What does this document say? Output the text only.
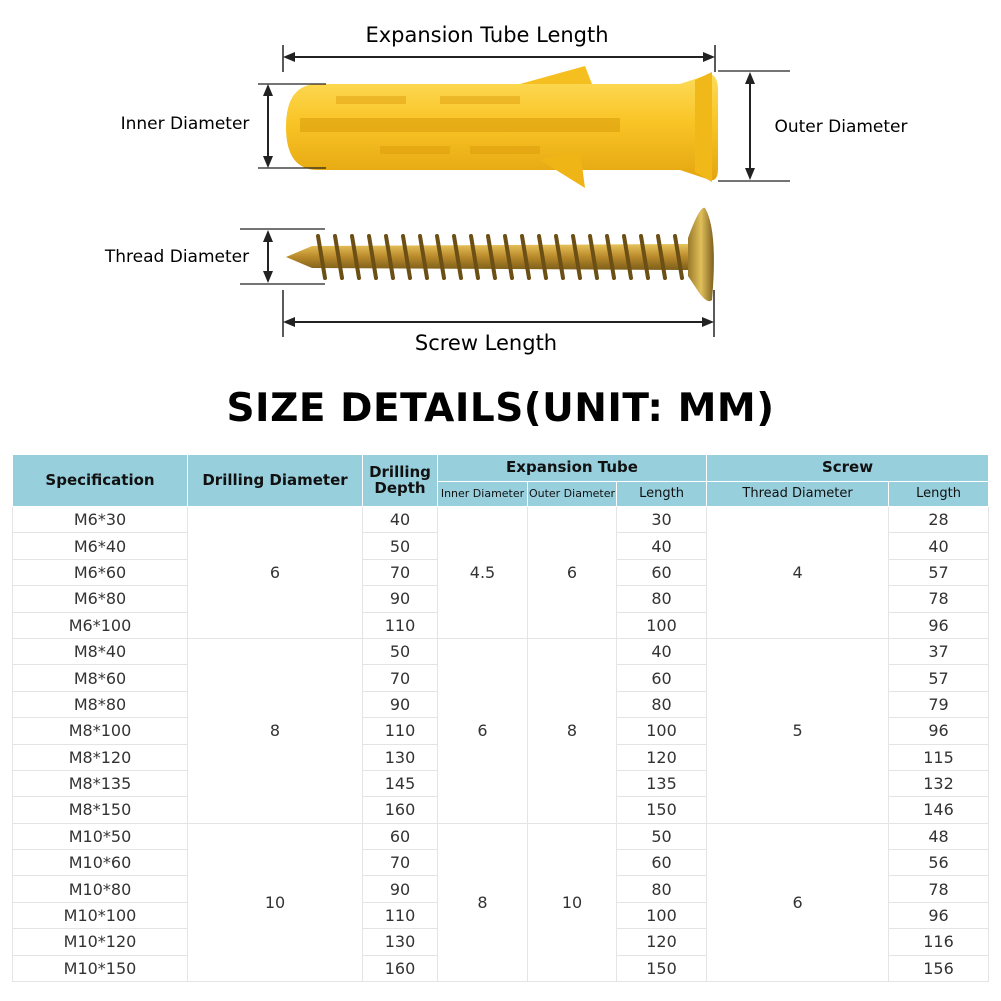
Expansion Tube Length
Inner Diameter	Outer Diameter
Thread Diameter
Screw Length
SIZE DETAILS(UNIT: MM)
Specification	Drilling Diameter	Drilling Depth	Expansion Tube			Screw	
			Inner Diameter	Outer Diameter	Length	Thread Diameter	Length
M6*30	6	40	4.5	6	30	4	28
M6*40		50			40		40
M6*60		70			60		57
M6*80		90			80		78
M6*100		110			100		96
M8*40	8	50	6	8	40	5	37
M8*60		70			60		57
M8*80		90			80		79
M8*100		110			100		96
M8*120		130			120		115
M8*135		145			135		132
M8*150		160			150		146
M10*50	10	60	8	10	50	6	48
M10*60		70			60		56
M10*80		90			80		78
M10*100		110			100		96
M10*120		130			120		116
M10*150		160			150		156
